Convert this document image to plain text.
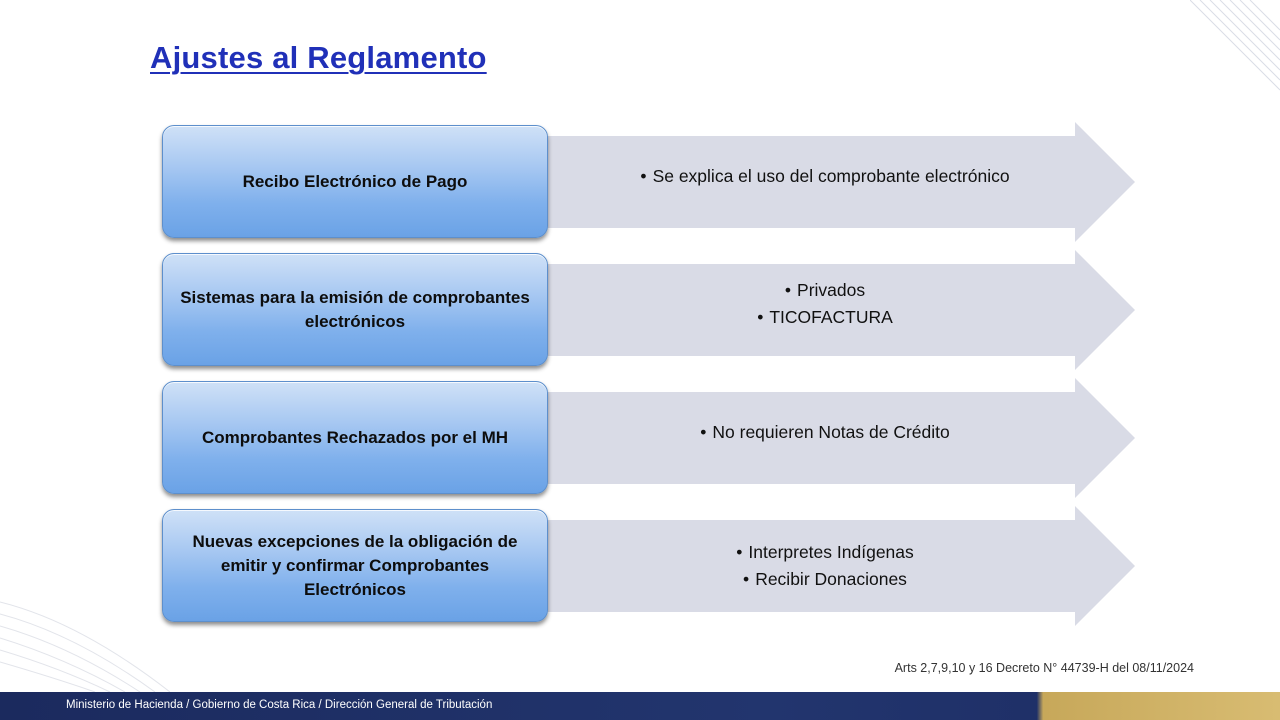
Ajustes al Reglamento
Recibo Electrónico de Pago	• Se explica el uso del comprobante electrónico
Sistemas para la emisión de comprobantes electrónicos
• Privados
• TICOFACTURA
Comprobantes Rechazados por el MH	• No requieren Notas de Crédito
Nuevas excepciones de la obligación de emitir y confirmar Comprobantes Electrónicos
• Interpretes Indígenas
• Recibir Donaciones
Arts 2,7,9,10 y 16 Decreto N° 44739-H del 08/11/2024
Ministerio de Hacienda / Gobierno de Costa Rica / Dirección General de Tributación
